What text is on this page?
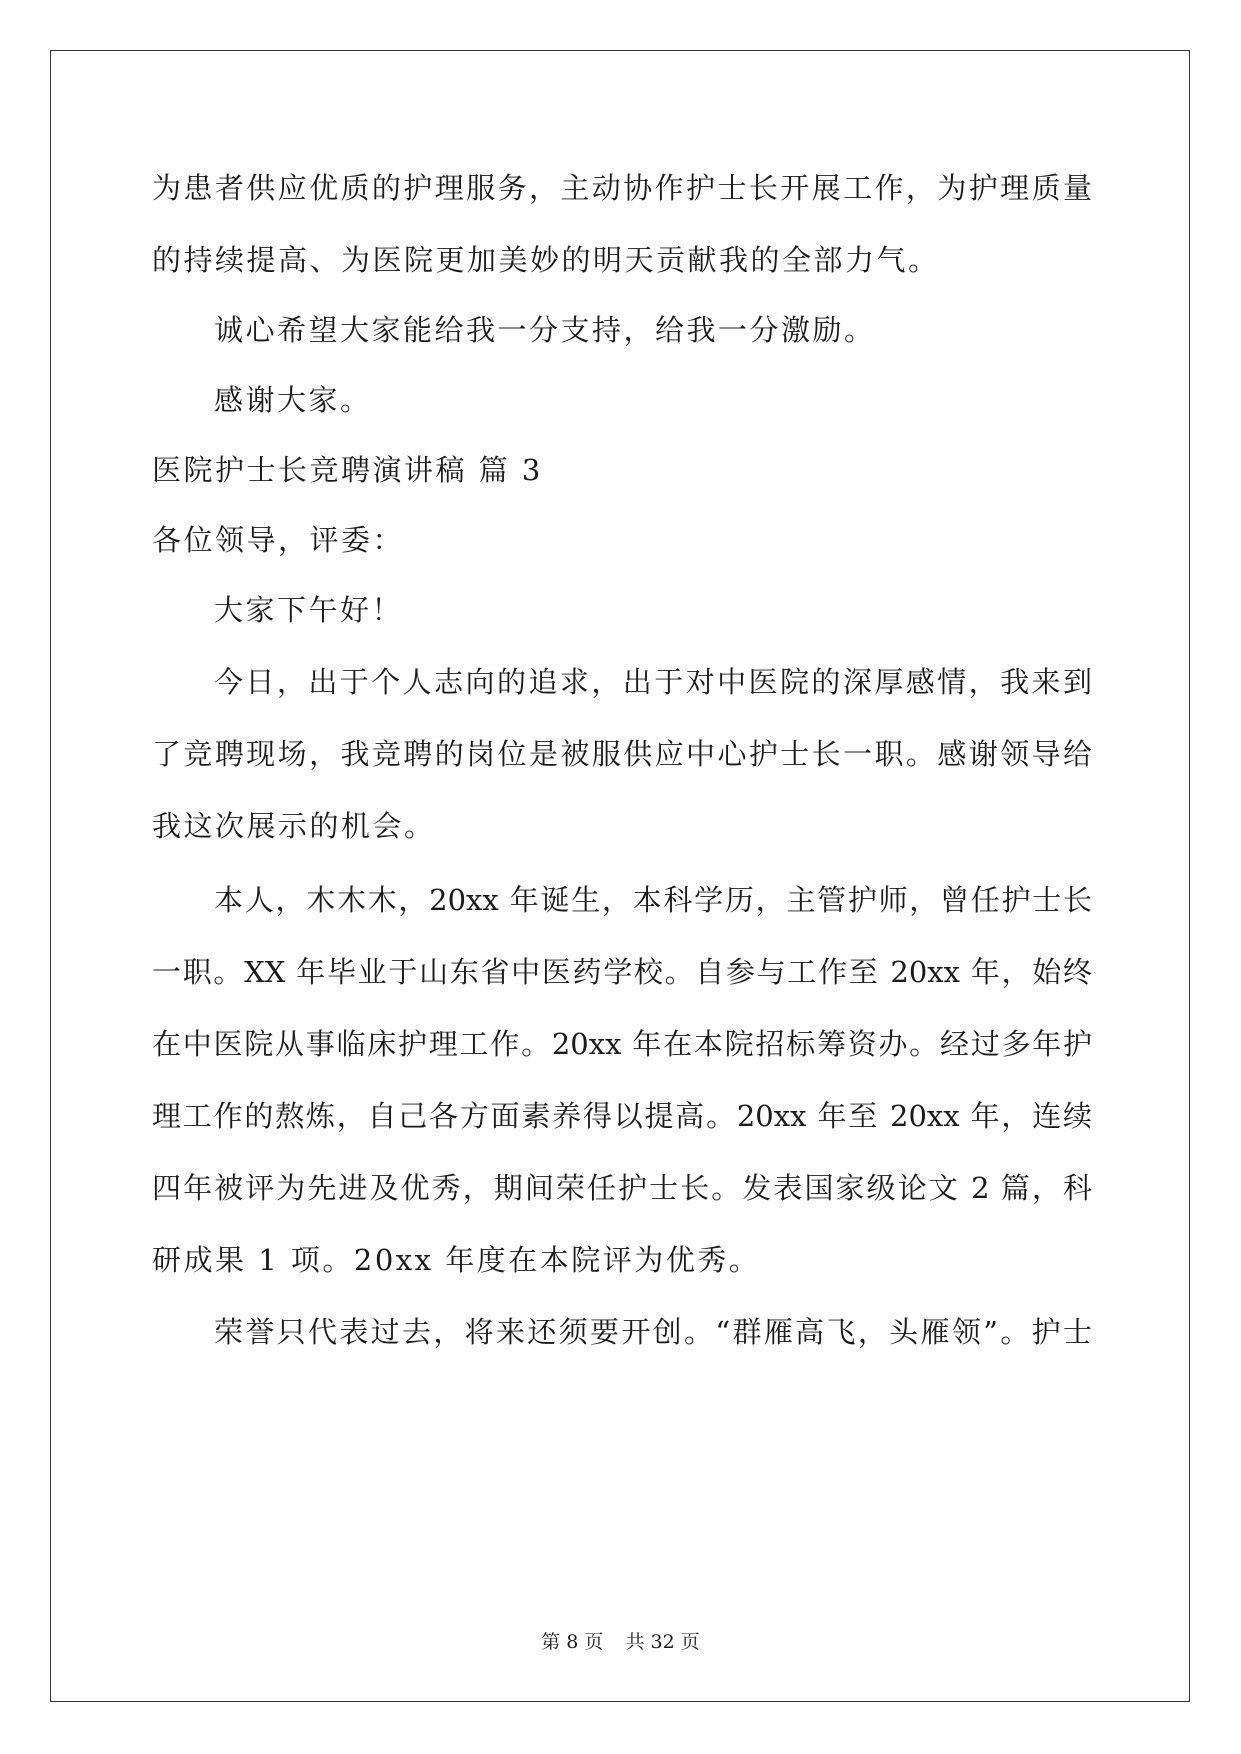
为患者供应优质的护理服务，主动协作护士长开展工作，为护理质量
的持续提高、为医院更加美妙的明天贡献我的全部力气。
诚心希望大家能给我一分支持，给我一分激励。
感谢大家。
医院护士长竞聘演讲稿 篇 3
各位领导，评委：
大家下午好！
今日，出于个人志向的追求，出于对中医院的深厚感情，我来到
了竞聘现场，我竞聘的岗位是被服供应中心护士长一职。感谢领导给
我这次展示的机会。
本人，木木木，20xx 年诞生，本科学历，主管护师，曾任护士长
一职。XX 年毕业于山东省中医药学校。自参与工作至 20xx 年，始终
在中医院从事临床护理工作。20xx 年在本院招标筹资办。经过多年护
理工作的熬炼，自己各方面素养得以提高。20xx 年至 20xx 年，连续
四年被评为先进及优秀，期间荣任护士长。发表国家级论文 2 篇，科
研成果 1 项。20xx 年度在本院评为优秀。
荣誉只代表过去，将来还须要开创。“群雁高飞，头雁领”。护士
第 8 页 共 32 页
